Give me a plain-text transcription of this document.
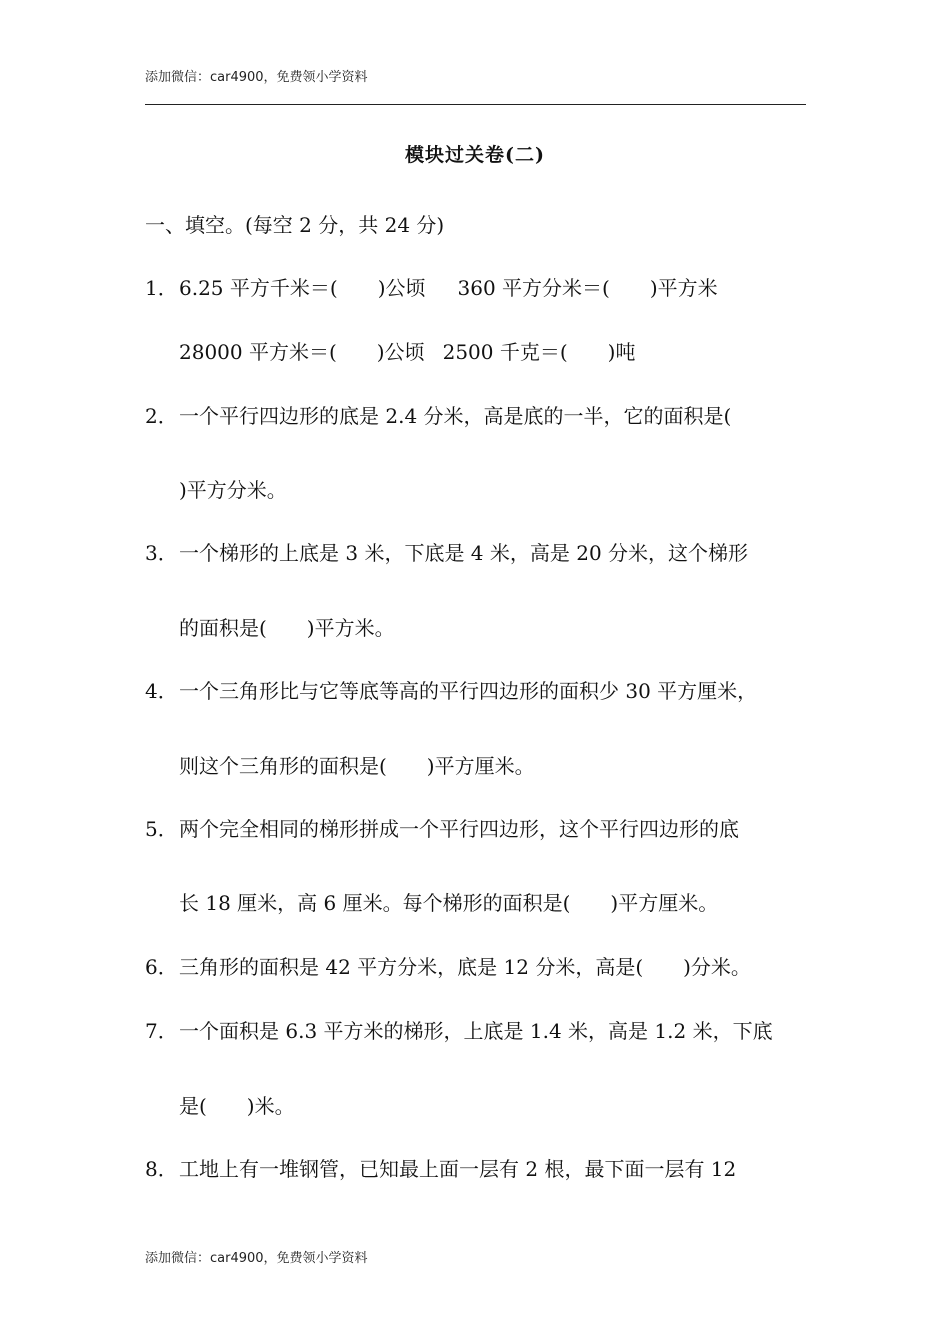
添加微信：car4900，免费领小学资料
模块过关卷(二)
一、填空。(每空 2 分，共 24 分)
1．6.25 平方千米＝(　　)公顷 360 平方分米＝(　　)平方米
28000 平方米＝(　　)公顷 2500 千克＝(　　)吨
2．一个平行四边形的底是 2.4 分米，高是底的一半，它的面积是(
)平方分米。
3．一个梯形的上底是 3 米，下底是 4 米，高是 20 分米，这个梯形
的面积是(　　)平方米。
4．一个三角形比与它等底等高的平行四边形的面积少 30 平方厘米，
则这个三角形的面积是(　　)平方厘米。
5．两个完全相同的梯形拼成一个平行四边形，这个平行四边形的底
长 18 厘米，高 6 厘米。每个梯形的面积是(　　)平方厘米。
6．三角形的面积是 42 平方分米，底是 12 分米，高是(　　)分米。
7．一个面积是 6.3 平方米的梯形，上底是 1.4 米，高是 1.2 米，下底
是(　　)米。
8．工地上有一堆钢管，已知最上面一层有 2 根，最下面一层有 12
添加微信：car4900，免费领小学资料
